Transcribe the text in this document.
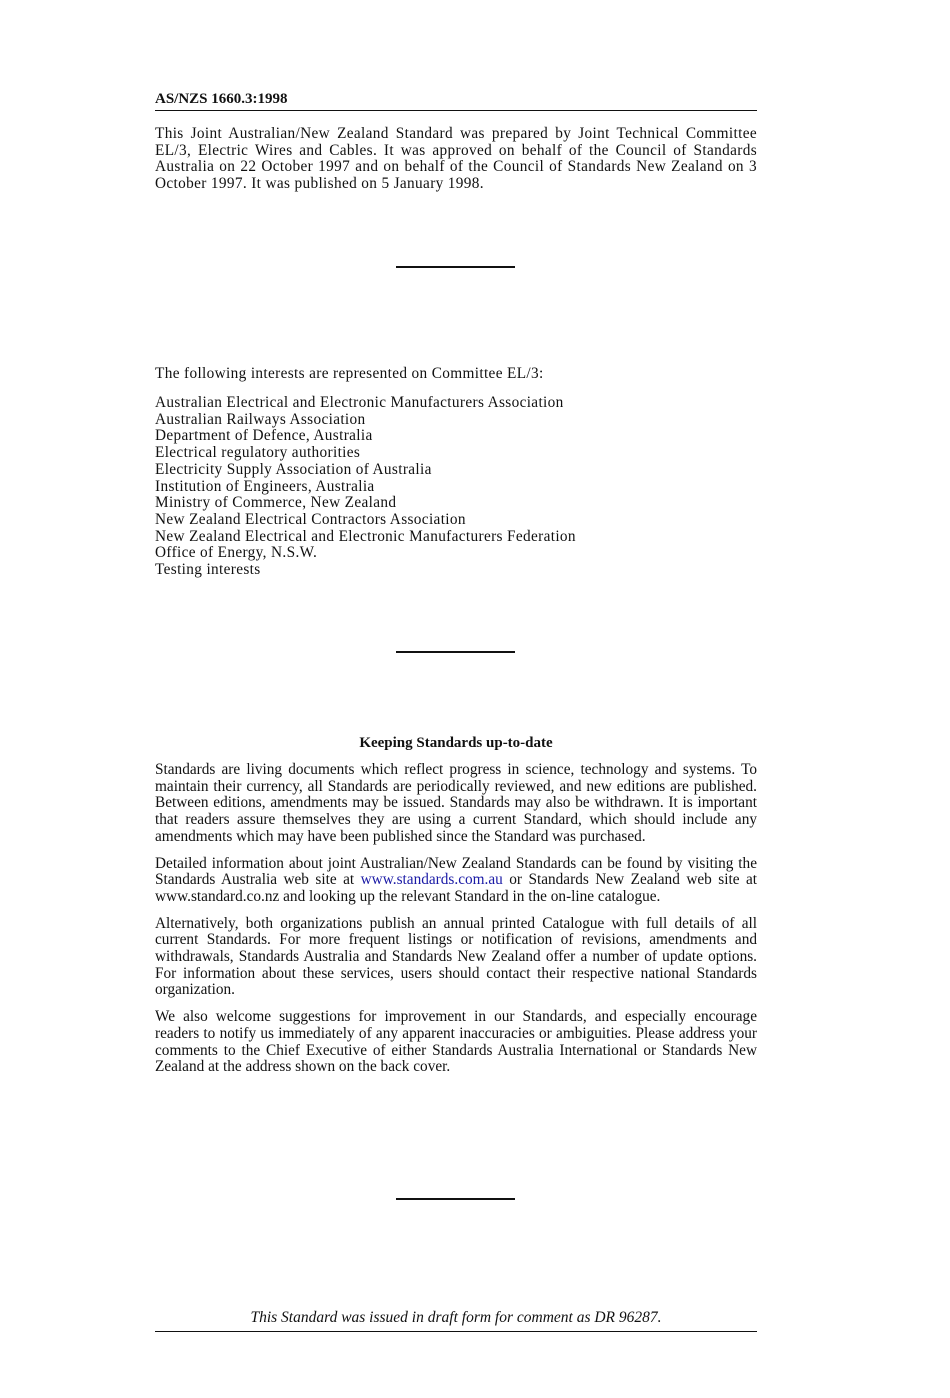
AS/NZS 1660.3:1998

This Joint Australian/New Zealand Standard was prepared by Joint Technical Committee EL/3, Electric Wires and Cables. It was approved on behalf of the Council of Standards Australia on 22 October 1997 and on behalf of the Council of Standards New Zealand on 3 October 1997. It was published on 5 January 1998.

The following interests are represented on Committee EL/3:
Australian Electrical and Electronic Manufacturers Association
Australian Railways Association
Department of Defence, Australia
Electrical regulatory authorities
Electricity Supply Association of Australia
Institution of Engineers, Australia
Ministry of Commerce, New Zealand
New Zealand Electrical Contractors Association
New Zealand Electrical and Electronic Manufacturers Federation
Office of Energy, N.S.W.
Testing interests
Keeping Standards up-to-date

Standards are living documents which reflect progress in science, technology and systems. To maintain their currency, all Standards are periodically reviewed, and new editions are published. Between editions, amendments may be issued. Standards may also be withdrawn. It is important that readers assure themselves they are using a current Standard, which should include any amendments which may have been published since the Standard was purchased.

Detailed information about joint Australian/New Zealand Standards can be found by visiting the Standards Australia web site at www.standards.com.au or Standards New Zealand web site at www.standard.co.nz and looking up the relevant Standard in the on-line catalogue.

Alternatively, both organizations publish an annual printed Catalogue with full details of all current Standards. For more frequent listings or notification of revisions, amendments and withdrawals, Standards Australia and Standards New Zealand offer a number of update options. For information about these services, users should contact their respective national Standards organization.

We also welcome suggestions for improvement in our Standards, and especially encourage readers to notify us immediately of any apparent inaccuracies or ambiguities. Please address your comments to the Chief Executive of either Standards Australia International or Standards New Zealand at the address shown on the back cover.

This Standard was issued in draft form for comment as DR 96287.
